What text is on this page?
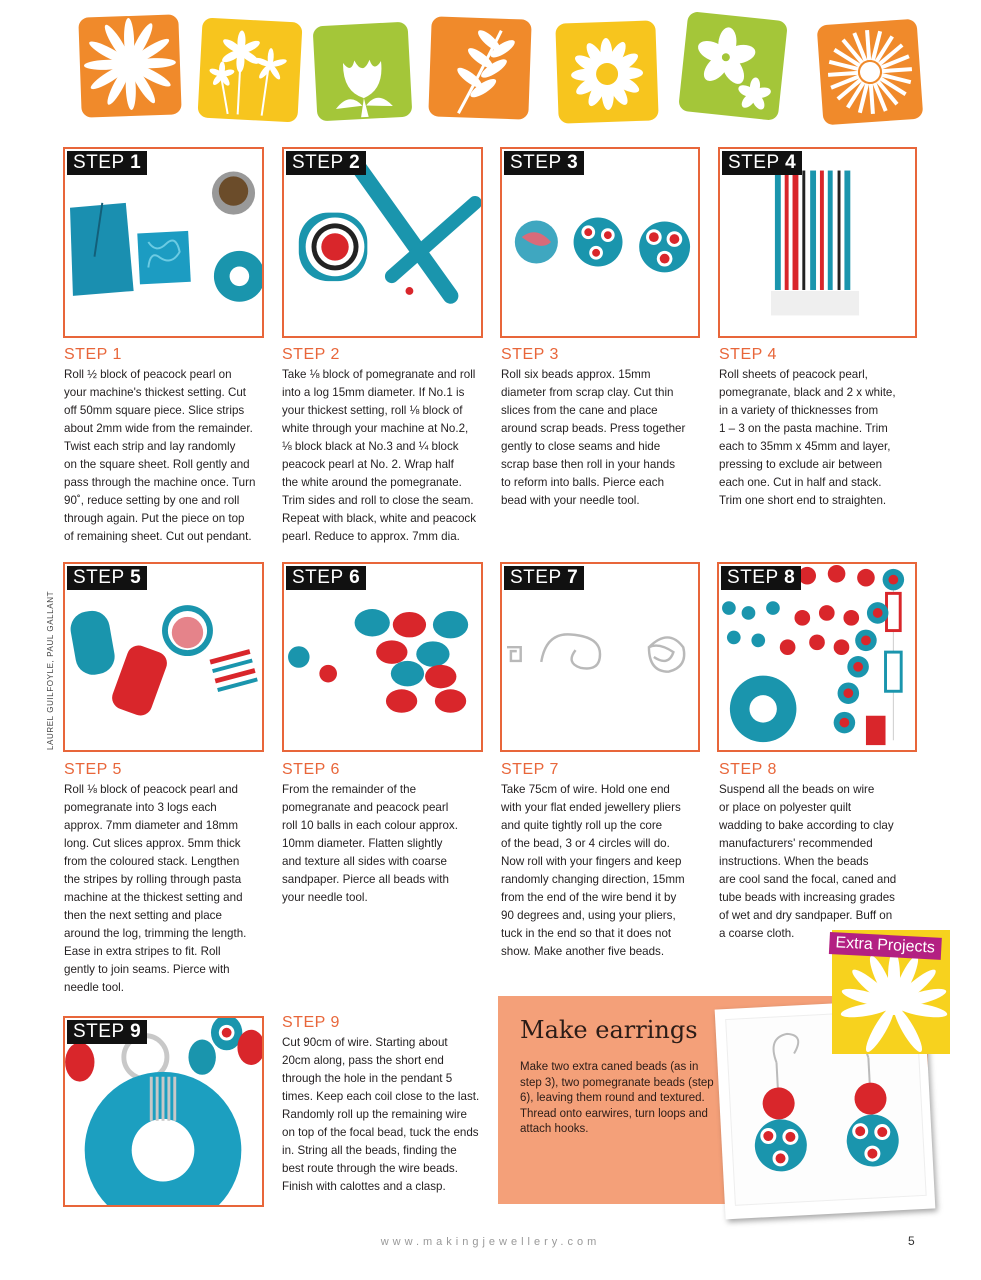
STEP 1
STEP 1
Roll ½ block of peacock pearl on
your machine's thickest setting. Cut
off 50mm square piece. Slice strips
about 2mm wide from the remainder.
Twist each strip and lay randomly
on the square sheet. Roll gently and
pass through the machine once. Turn
90˚, reduce setting by one and roll
through again. Put the piece on top
of remaining sheet. Cut out pendant.
STEP 2
STEP 2
Take ⅛ block of pomegranate and roll
into a log 15mm diameter. If No.1 is
your thickest setting, roll ⅛ block of
white through your machine at No.2,
⅛ block black at No.3 and ¼ block
peacock pearl at No. 2. Wrap half
the white around the pomegranate.
Trim sides and roll to close the seam.
Repeat with black, white and peacock
pearl. Reduce to approx. 7mm dia.
STEP 3
STEP 3
Roll six beads approx. 15mm
diameter from scrap clay. Cut thin
slices from the cane and place
around scrap beads. Press together
gently to close seams and hide
scrap base then roll in your hands
to reform into balls. Pierce each
bead with your needle tool.
STEP 4
STEP 4
Roll sheets of peacock pearl,
pomegranate, black and 2 x white,
in a variety of thicknesses from
1 – 3 on the pasta machine. Trim
each to 35mm x 45mm and layer,
pressing to exclude air between
each one. Cut in half and stack.
Trim one short end to straighten.
LAUREL GUILFOYLE, PAUL GALLANT
STEP 5
STEP 5
Roll ⅛ block of peacock pearl and
pomegranate into 3 logs each
approx. 7mm diameter and 18mm
long. Cut slices approx. 5mm thick
from the coloured stack. Lengthen
the stripes by rolling through pasta
machine at the thickest setting and
then the next setting and place
around the log, trimming the length.
Ease in extra stripes to fit. Roll
gently to join seams. Pierce with
needle tool.
STEP 6
STEP 6
From the remainder of the
pomegranate and peacock pearl
roll 10 balls in each colour approx.
10mm diameter. Flatten slightly
and texture all sides with coarse
sandpaper. Pierce all beads with
your needle tool.
STEP 7
STEP 7
Take 75cm of wire. Hold one end
with your flat ended jewellery pliers
and quite tightly roll up the core
of the bead, 3 or 4 circles will do.
Now roll with your fingers and keep
randomly changing direction, 15mm
from the end of the wire bend it by
90 degrees and, using your pliers,
tuck in the end so that it does not
show. Make another five beads.
STEP 8
STEP 8
Suspend all the beads on wire
or place on polyester quilt
wadding to bake according to clay
manufacturers' recommended
instructions. When the beads
are cool sand the focal, caned and
tube beads with increasing grades
of wet and dry sandpaper. Buff on
a coarse cloth.
STEP 9	STEP 9
Cut 90cm of wire. Starting about
20cm along, pass the short end
through the hole in the pendant 5
times. Keep each coil close to the last.
Randomly roll up the remaining wire
on top of the focal bead, tuck the ends
in. String all the beads, finding the
best route through the wire beads.
Finish with calottes and a clasp.
Make earrings
Make two extra caned beads (as in step 3), two pomegranate beads (step 6), leaving them round and textured. Thread onto earwires, turn loops and attach hooks.
Extra Projects
www.makingjewellery.com	5
